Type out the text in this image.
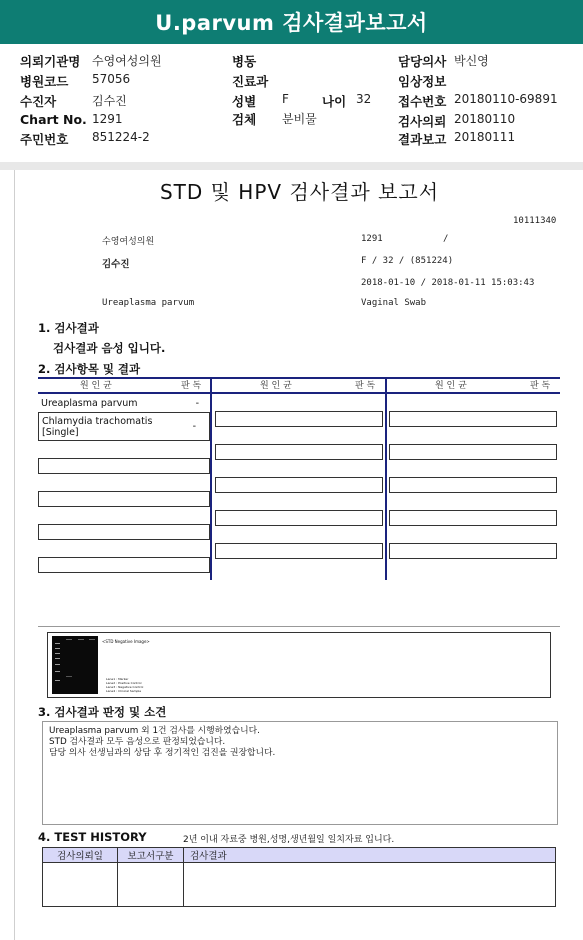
U.parvum 검사결과보고서
의뢰기관명 수영여성의원	병동	담당의사 박신영
병원코드 57056	진료과	임상정보
수진자	김수진	성별 F	나이 32 접수번호 20180110-69891
Chart No. 1291	검체 분비물	검사의뢰 20180110
주민번호 851224-2	결과보고 20180111
STD 및 HPV 검사결과 보고서
10111340
수영여성의원	1291	/
김수진	F / 32 / (851224)
2018-01-10 / 2018-01-11 15:03:43
Ureaplasma parvum	Vaginal Swab
1. 검사결과
검사결과 음성 입니다.
2. 검사항목 및 결과
원 인 균	판 독	원 인 균	판 독	원 인 균	판 독
Ureaplasma parvum	-
Chlamydia trachomatis [Single]	-
<STD Negative Image>
Lane1 : Marker
Lane2 : Positive Control
Lane3 : Negative Control
Lane4 : Clinical Sample
3. 검사결과 판정 및 소견
Ureaplasma parvum 외 1건 검사를 시행하였습니다.
STD 검사결과 모두 음성으로 판정되었습니다.
담당 의사 선생님과의 상담 후 정기적인 검진을 권장합니다.
4. TEST HISTORY	2년 이내 자료중 병원,성명,생년월일 일치자료 입니다.
검사의뢰일	보고서구분	검사결과
